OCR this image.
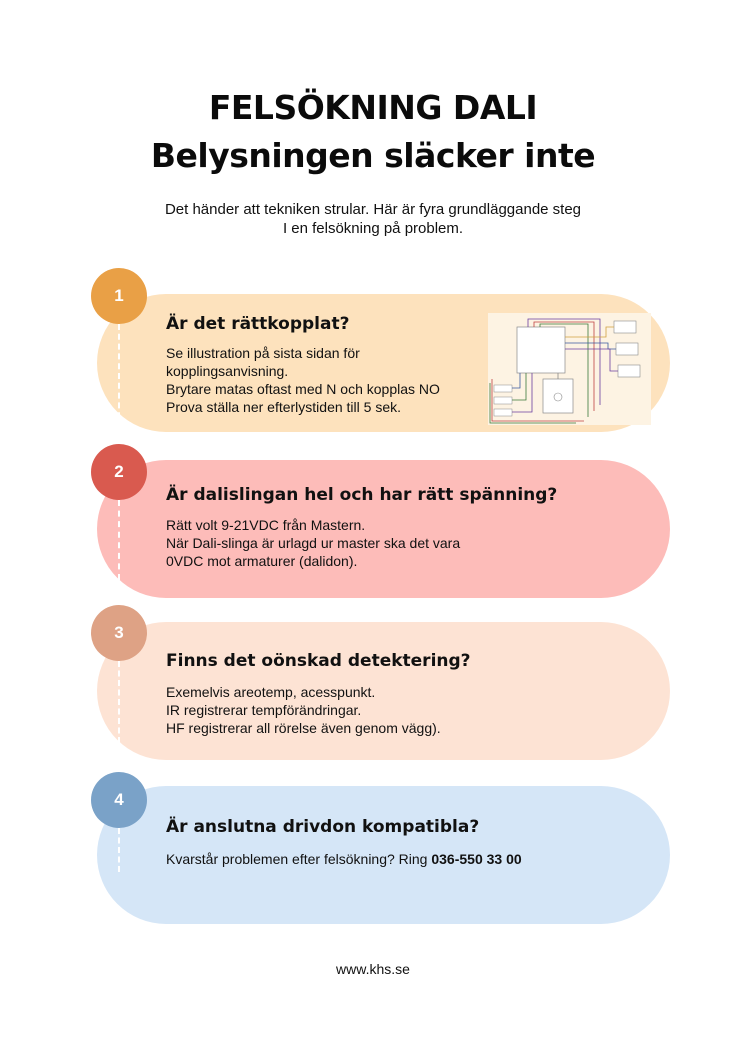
FELSÖKNING DALI
Belysningen släcker inte
Det händer att tekniken strular. Här är fyra grundläggande steg
I en felsökning på problem.
1
Är det rättkopplat?
Se illustration på sista sidan för
kopplingsanvisning.
Brytare matas oftast med N och kopplas NO
Prova ställa ner efterlystiden till 5 sek.
2
Är dalislingan hel och har rätt spänning?
Rätt volt 9-21VDC från Mastern.
När Dali-slinga är urlagd ur master ska det vara
0VDC mot armaturer (dalidon).
3
Finns det oönskad detektering?
Exemelvis areotemp, acesspunkt.
IR registrerar tempförändringar.
HF registrerar all rörelse även genom vägg).
4
Är anslutna drivdon kompatibla?
Kvarstår problemen efter felsökning? Ring 036-550 33 00
www.khs.se
